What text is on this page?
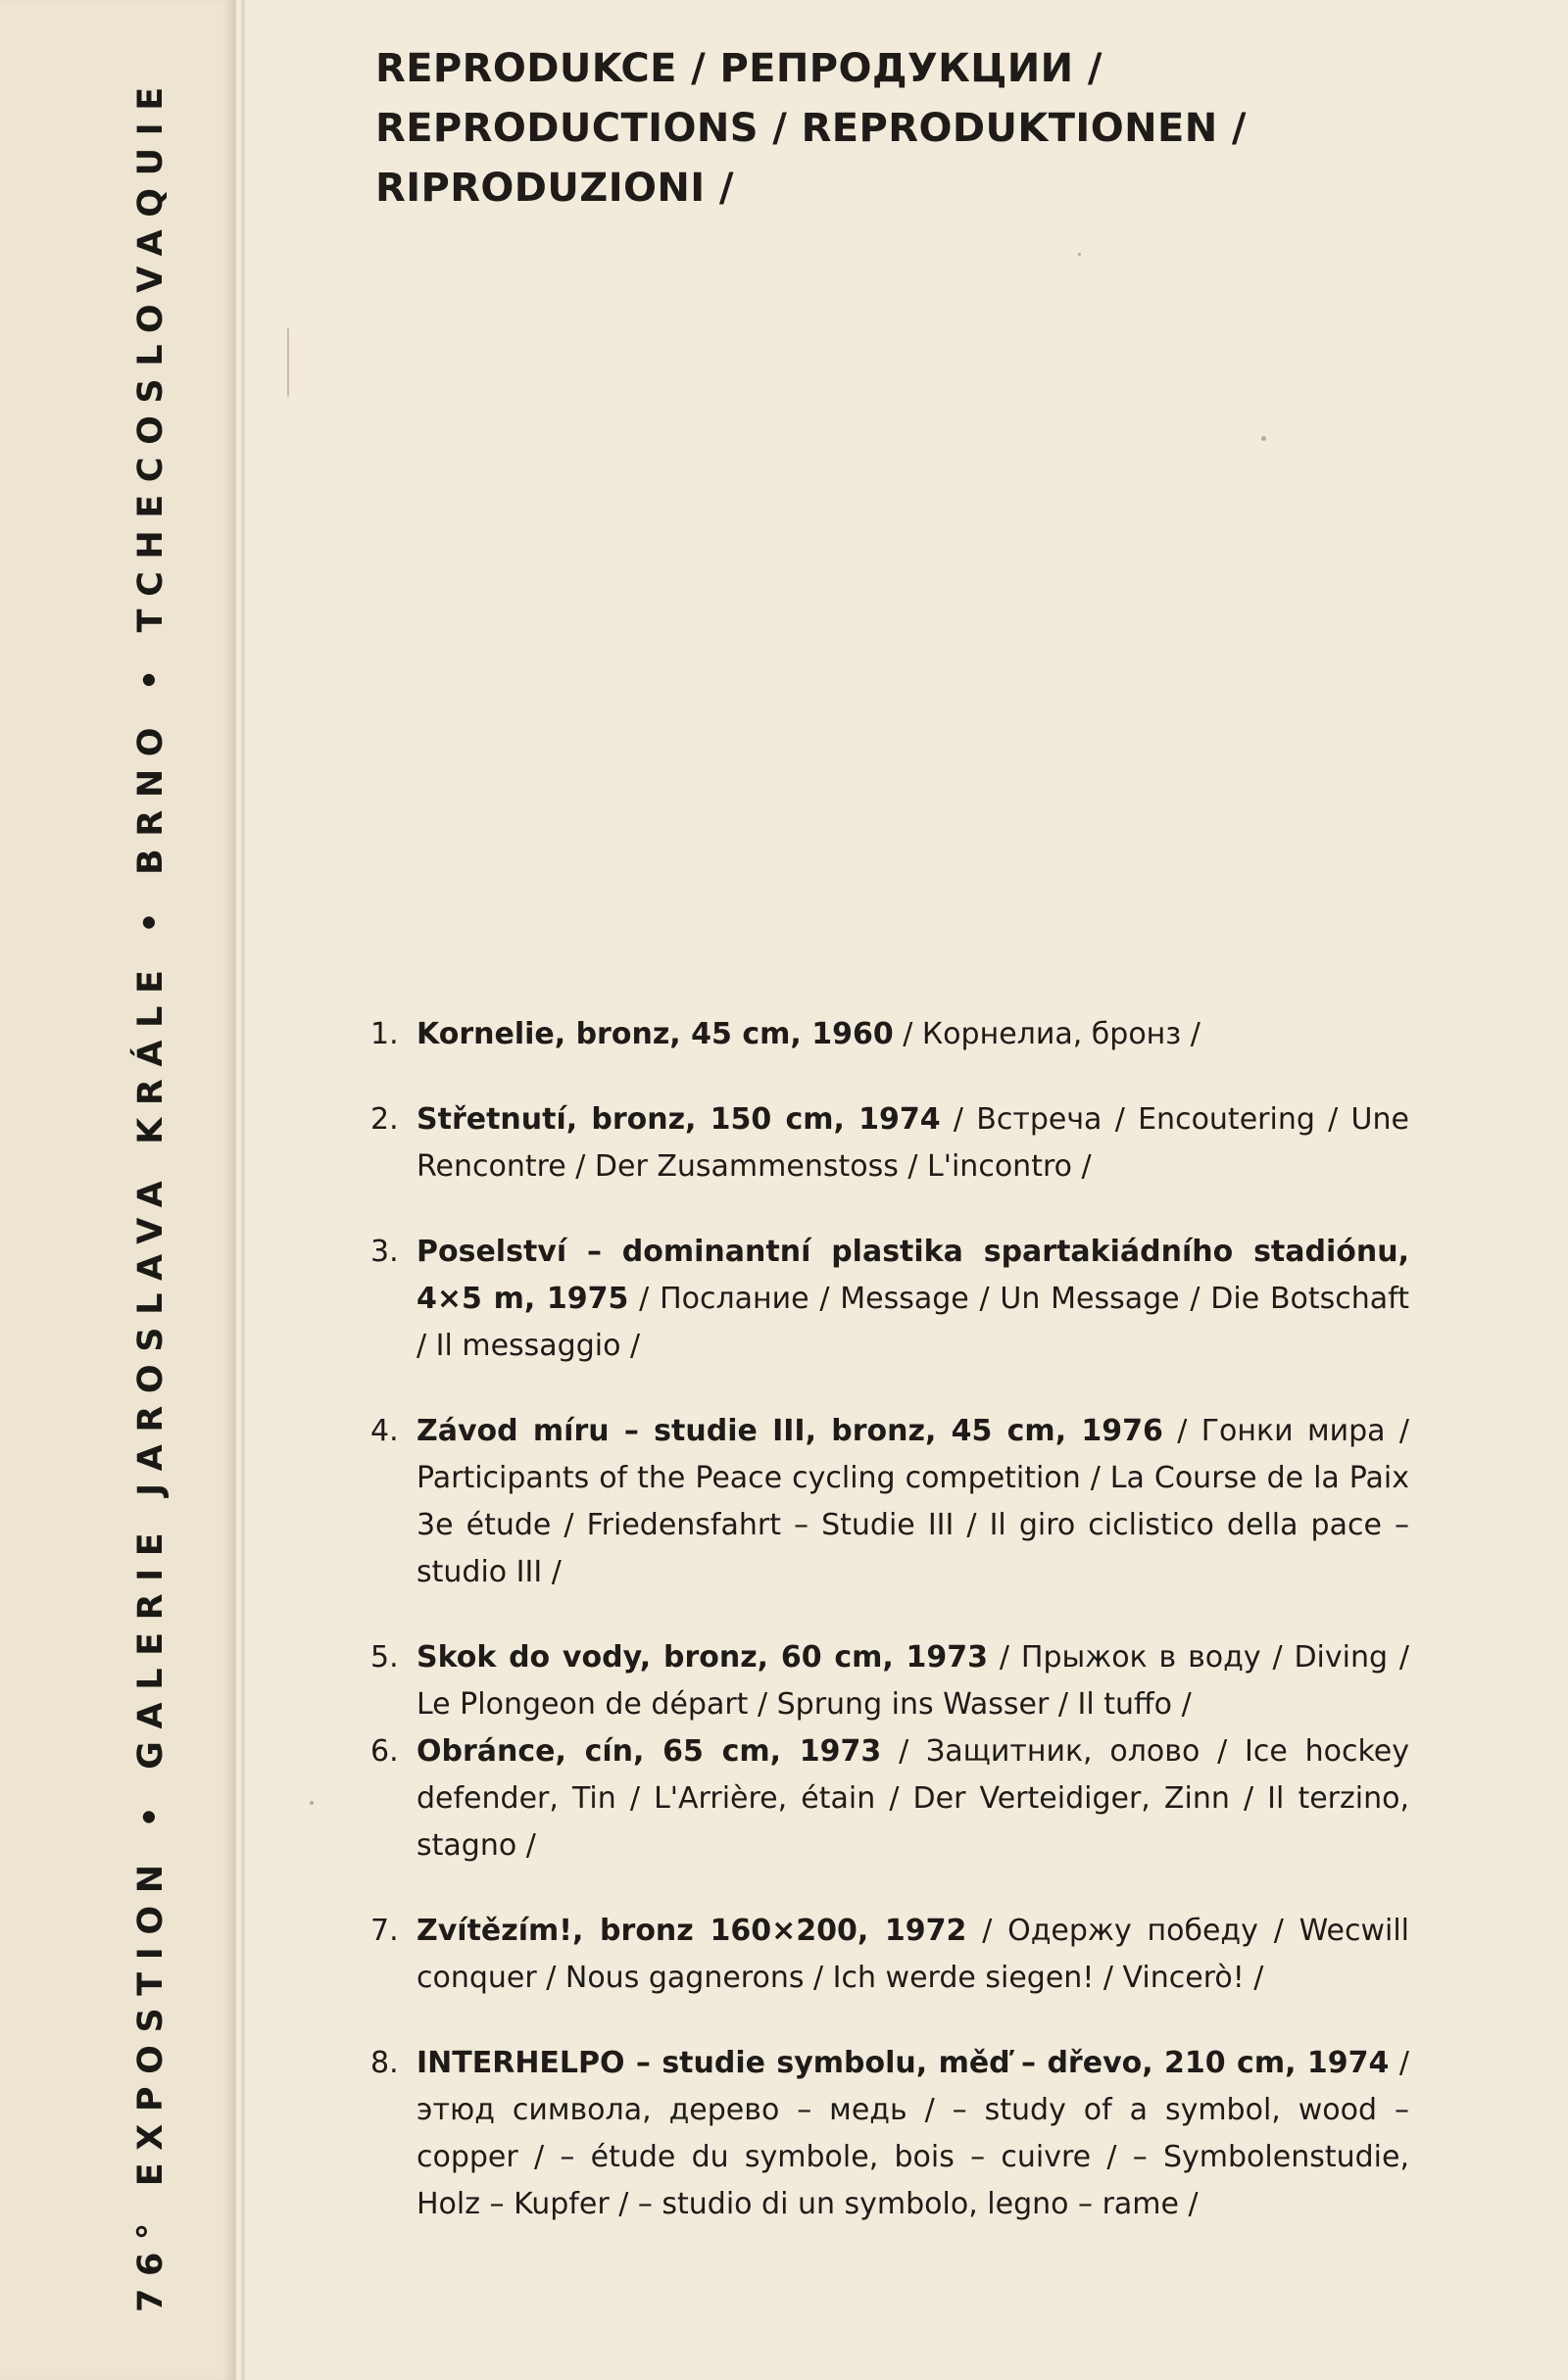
76° EXPOSTION • GALERIE JAROSLAVA KRÁLE • BRNO • TCHECOSLOVAQUIE
REPRODUKCE / РЕПРОДУКЦИИ /
REPRODUCTIONS / REPRODUKTIONEN /
RIPRODUZIONI /
1. Kornelie, bronz, 45 cm, 1960 / Корнелиа, бронз /
2. Střetnutí, bronz, 150 cm, 1974 / Встреча / Encoutering / Une Rencontre / Der Zusammenstoss / L'incontro /
3. Poselství – dominantní plastika spartakiádního stadiónu, 4×5 m, 1975 / Послание / Message / Un Message / Die Botschaft / Il messaggio /
4. Závod míru – studie III, bronz, 45 cm, 1976 / Гонки мира / Participants of the Peace cycling competition / La Course de la Paix 3e étude / Friedensfahrt – Studie III / Il giro ciclistico della pace – studio III /
5. Skok do vody, bronz, 60 cm, 1973 / Прыжок в воду / Diving / Le Plongeon de départ / Sprung ins Wasser / Il tuffo /
6. Obránce, cín, 65 cm, 1973 / Защитник, олово / Ice hockey defender, Tin / L'Arrière, étain / Der Verteidiger, Zinn / Il terzino, stagno /
7. Zvítězím!, bronz 160×200, 1972 / Одержу победу / Wecwill conquer / Nous gagnerons / Ich werde siegen! / Vincerò! /
8. INTERHELPO – studie symbolu, měď – dřevo, 210 cm, 1974 / этюд символа, дерево – медь / – study of a symbol, wood – copper / – étude du symbole, bois – cuivre / – Symbolenstudie, Holz – Kupfer / – studio di un symbolo, legno – rame /
